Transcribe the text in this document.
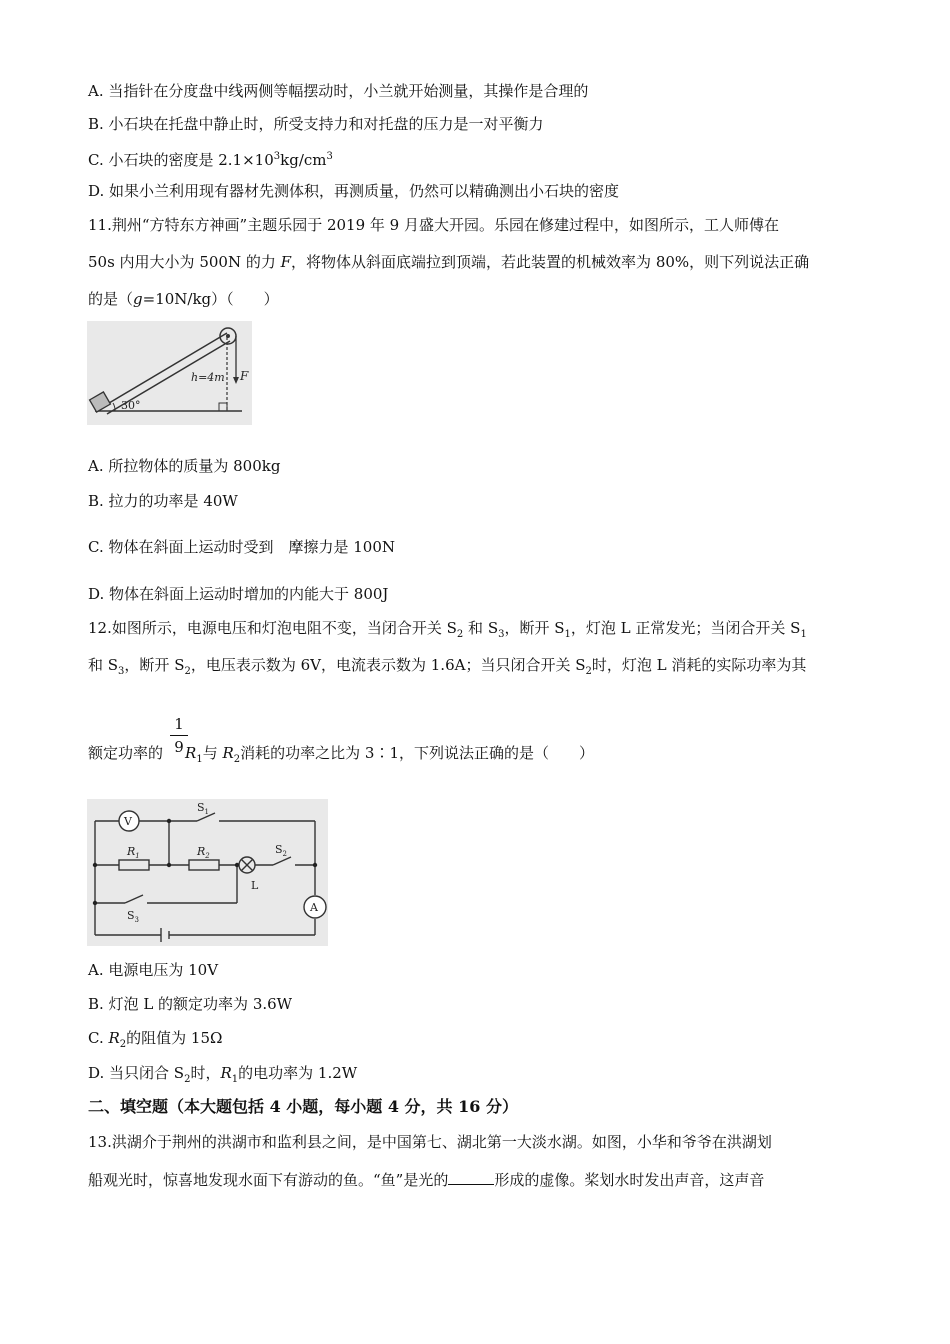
A. 当指针在分度盘中线两侧等幅摆动时，小兰就开始测量，其操作是合理的
B. 小石块在托盘中静止时，所受支持力和对托盘的压力是一对平衡力
C. 小石块的密度是 $2.1\times 10^3kg/cm^3$
D. 如果小兰利用现有器材先测体积，再测质量，仍然可以精确测出小石块的密度
11.荆州“方特东方神画”主题乐园于 2019 年 9 月盛大开园。乐园在修建过程中，如图所示，工人师傅在
50s 内用大小为 500N 的力 F，将物体从斜面底端拉到顶端，若此装置的机械效率为 80%，则下列说法正确
的是（g=10N/kg）（　　）
h=4m F
30°
A. 所拉物体的质量为 800kg
B. 拉力的功率是 40W
C. 物体在斜面上运动时受到　摩擦力是 100N
D. 物体在斜面上运动时增加的内能大于 800J
12.如图所示，电源电压和灯泡电阻不变，当闭合开关 $S_2$ 和 $S_3$，断开 $S_1$，灯泡 L 正常发光；当闭合开关 $S_1$
和 $S_3$，断开 $S_2$，电压表示数为 6V，电流表示数为 1.6A；当只闭合开关 $S_2$时，灯泡 L 消耗的实际功率为其
1
9
额定功率的 $R_1$与 $R_2$消耗的功率之比为 3∶1，下列说法正确的是（　　）
V
A
$S_1$
$R_1$	$R_2$	$S_2$
L
$S_3$
A. 电源电压为 10V
B. 灯泡 L 的额定功率为 3.6W
C. $R_2$的阻值为 15Ω
D. 当只闭合 $S_2$时，$R_1$的电功率为 1.2W
二、填空题（本大题包括 4 小题，每小题 4 分，共 16 分）
13.洪湖介于荆州的洪湖市和监利县之间，是中国第七、湖北第一大淡水湖。如图，小华和爷爷在洪湖划
船观光时，惊喜地发现水面下有游动的鱼。“鱼”是光的	形成的虚像。桨划水时发出声音，这声音
